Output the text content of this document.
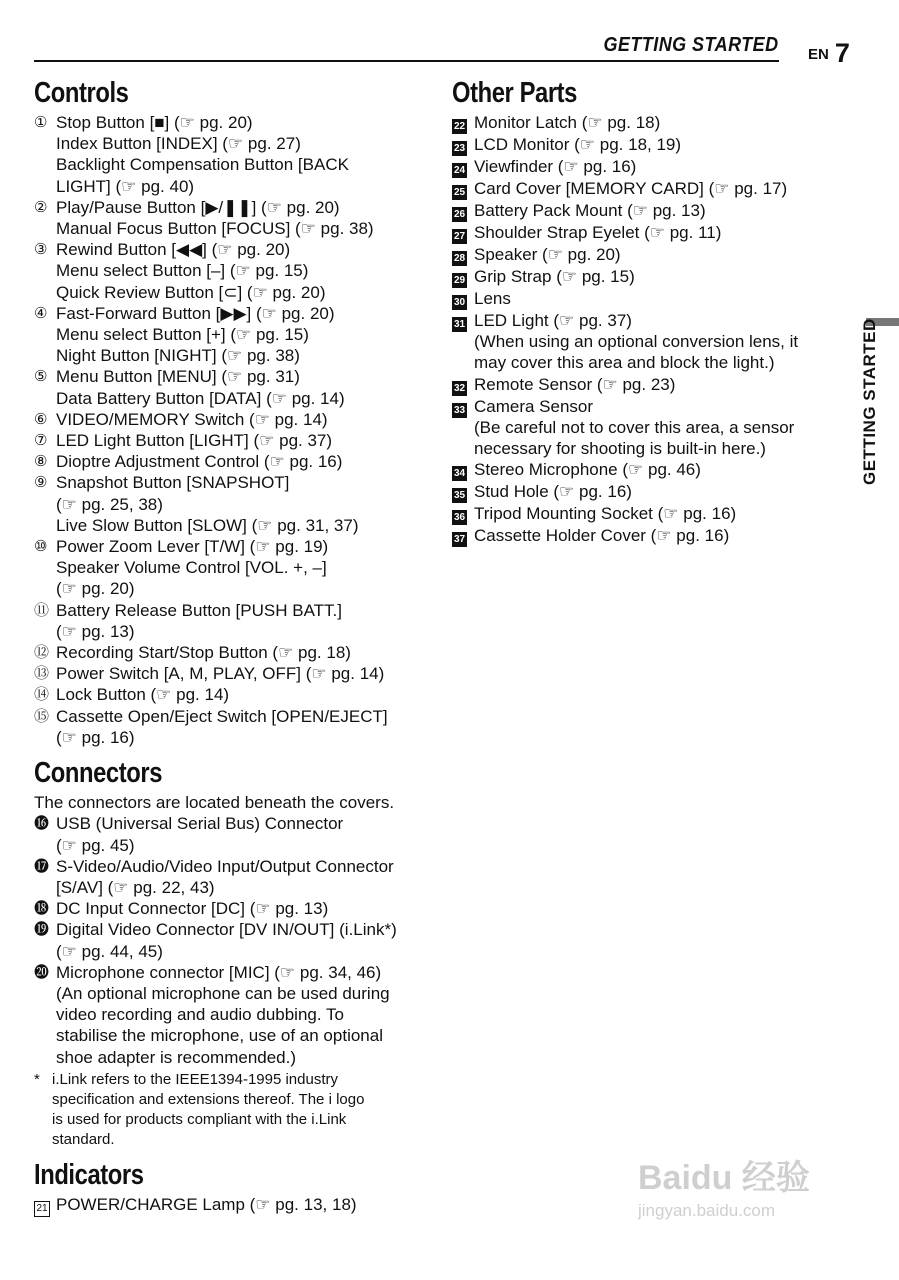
GETTING STARTED EN 7
Controls
① Stop Button [■] (☞ pg. 20)
Index Button [INDEX] (☞ pg. 27)
Backlight Compensation Button [BACK
LIGHT] (☞ pg. 40)
② Play/Pause Button [▶/❚❚] (☞ pg. 20)
Manual Focus Button [FOCUS] (☞ pg. 38)
③ Rewind Button [◀◀] (☞ pg. 20)
Menu select Button [–] (☞ pg. 15)
Quick Review Button [⊂] (☞ pg. 20)
④ Fast-Forward Button [▶▶] (☞ pg. 20)
Menu select Button [+] (☞ pg. 15)
Night Button [NIGHT] (☞ pg. 38)
⑤ Menu Button [MENU] (☞ pg. 31)
Data Battery Button [DATA] (☞ pg. 14)
⑥ VIDEO/MEMORY Switch (☞ pg. 14)
⑦ LED Light Button [LIGHT] (☞ pg. 37)
⑧ Dioptre Adjustment Control (☞ pg. 16)
⑨ Snapshot Button [SNAPSHOT]
(☞ pg. 25, 38)
Live Slow Button [SLOW] (☞ pg. 31, 37)
⑩ Power Zoom Lever [T/W] (☞ pg. 19)
Speaker Volume Control [VOL. +, –]
(☞ pg. 20)
⑪ Battery Release Button [PUSH BATT.]
(☞ pg. 13)
⑫ Recording Start/Stop Button (☞ pg. 18)
⑬ Power Switch [A, M, PLAY, OFF] (☞ pg. 14)
⑭ Lock Button (☞ pg. 14)
⑮ Cassette Open/Eject Switch [OPEN/EJECT]
(☞ pg. 16)
Connectors

The connectors are located beneath the covers.

⓰ USB (Universal Serial Bus) Connector
(☞ pg. 45)
⓱ S-Video/Audio/Video Input/Output Connector
[S/AV] (☞ pg. 22, 43)
⓲ DC Input Connector [DC] (☞ pg. 13)
⓳ Digital Video Connector [DV IN/OUT] (i.Link*)
(☞ pg. 44, 45)
⓴ Microphone connector [MIC] (☞ pg. 34, 46)
(An optional microphone can be used during
video recording and audio dubbing. To
stabilise the microphone, use of an optional
shoe adapter is recommended.)
* i.Link refers to the IEEE1394-1995 industry
specification and extensions thereof. The i logo
is used for products compliant with the i.Link
standard.
Indicators
21 POWER/CHARGE Lamp (☞ pg. 13, 18)
Other Parts
22 Monitor Latch (☞ pg. 18)
23 LCD Monitor (☞ pg. 18, 19)
24 Viewfinder (☞ pg. 16)
25 Card Cover [MEMORY CARD] (☞ pg. 17)
26 Battery Pack Mount (☞ pg. 13)
27 Shoulder Strap Eyelet (☞ pg. 11)
28 Speaker (☞ pg. 20)
29 Grip Strap (☞ pg. 15)
30 Lens
31 LED Light (☞ pg. 37)
(When using an optional conversion lens, it
may cover this area and block the light.)
32 Remote Sensor (☞ pg. 23)
33 Camera Sensor
(Be careful not to cover this area, a sensor
necessary for shooting is built-in here.)
34 Stereo Microphone (☞ pg. 46)
35 Stud Hole (☞ pg. 16)
36 Tripod Mounting Socket (☞ pg. 16)
37 Cassette Holder Cover (☞ pg. 16)
GETTING STARTED
Baidu 经验
jingyan.baidu.com
